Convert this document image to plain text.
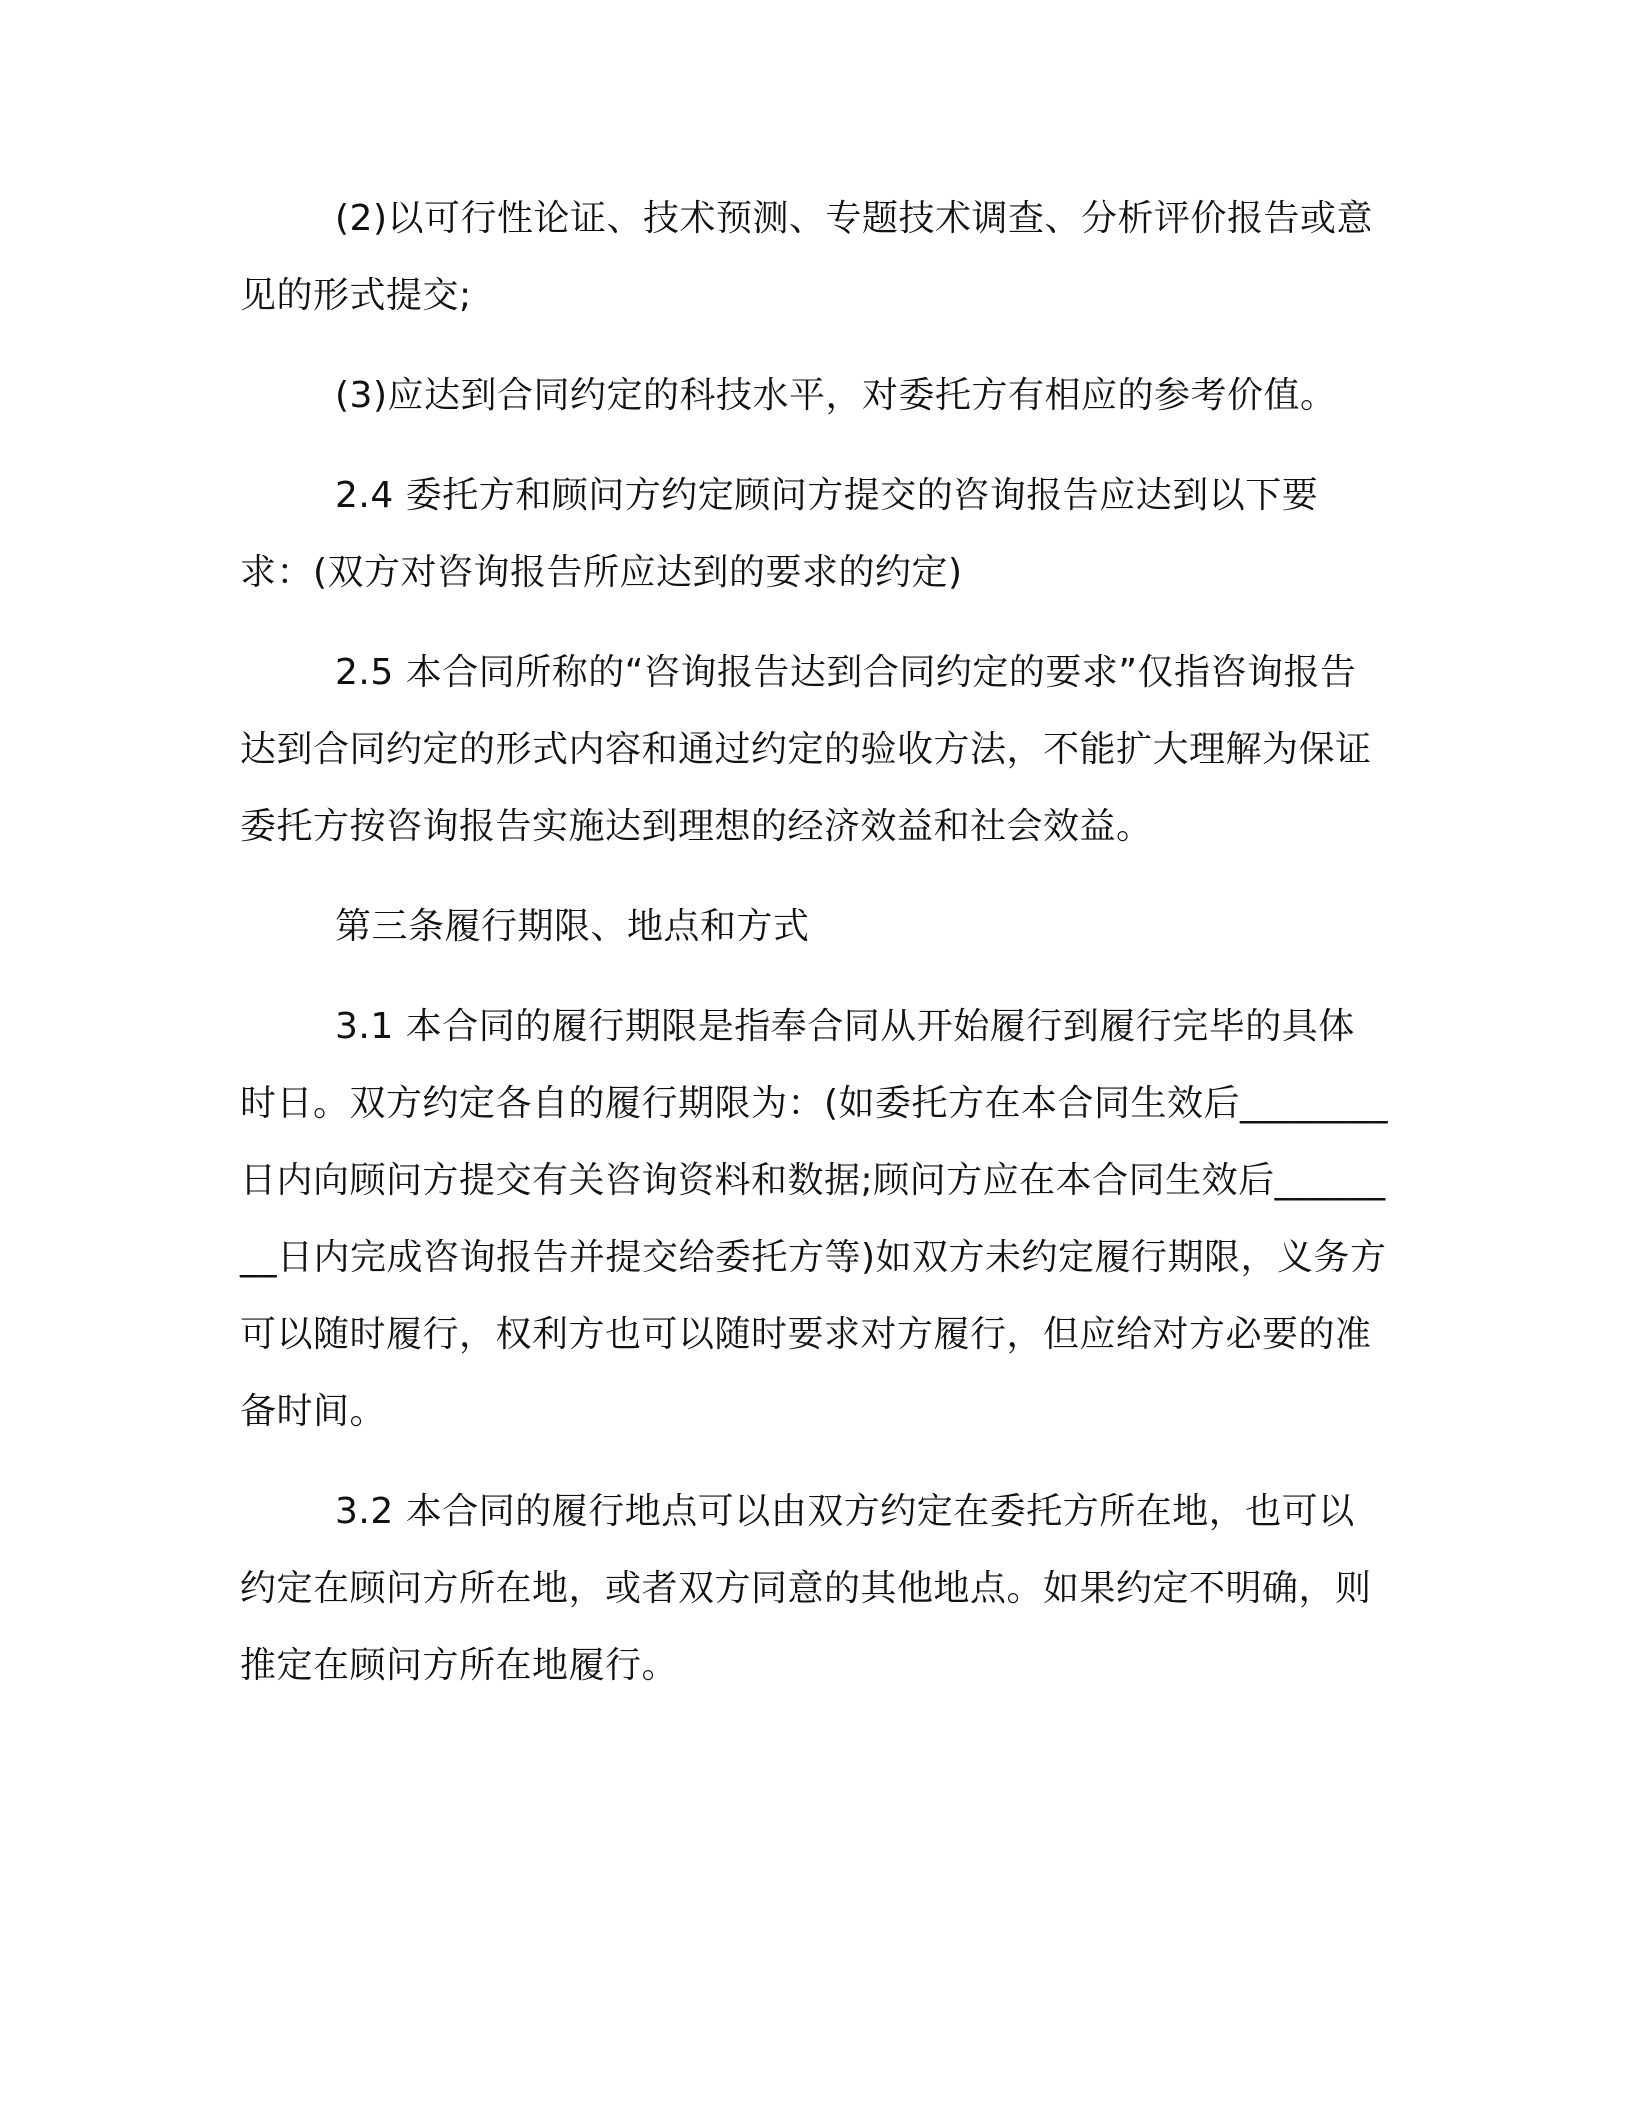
(2)以可行性论证、技术预测、专题技术调查、分析评价报告或意见的形式提交;

(3)应达到合同约定的科技水平，对委托方有相应的参考价值。

2.4 委托方和顾问方约定顾问方提交的咨询报告应达到以下要求：(双方对咨询报告所应达到的要求的约定)

2.5 本合同所称的“咨询报告达到合同约定的要求”仅指咨询报告达到合同约定的形式内容和通过约定的验收方法，不能扩大理解为保证委托方按咨询报告实施达到理想的经济效益和社会效益。

第三条履行期限、地点和方式

3.1 本合同的履行期限是指奉合同从开始履行到履行完毕的具体时日。双方约定各自的履行期限为：(如委托方在本合同生效后________日内向顾问方提交有关咨询资料和数据;顾问方应在本合同生效后________日内完成咨询报告并提交给委托方等)如双方未约定履行期限，义务方可以随时履行，权利方也可以随时要求对方履行，但应给对方必要的准备时间。

3.2 本合同的履行地点可以由双方约定在委托方所在地，也可以约定在顾问方所在地，或者双方同意的其他地点。如果约定不明确，则推定在顾问方所在地履行。
